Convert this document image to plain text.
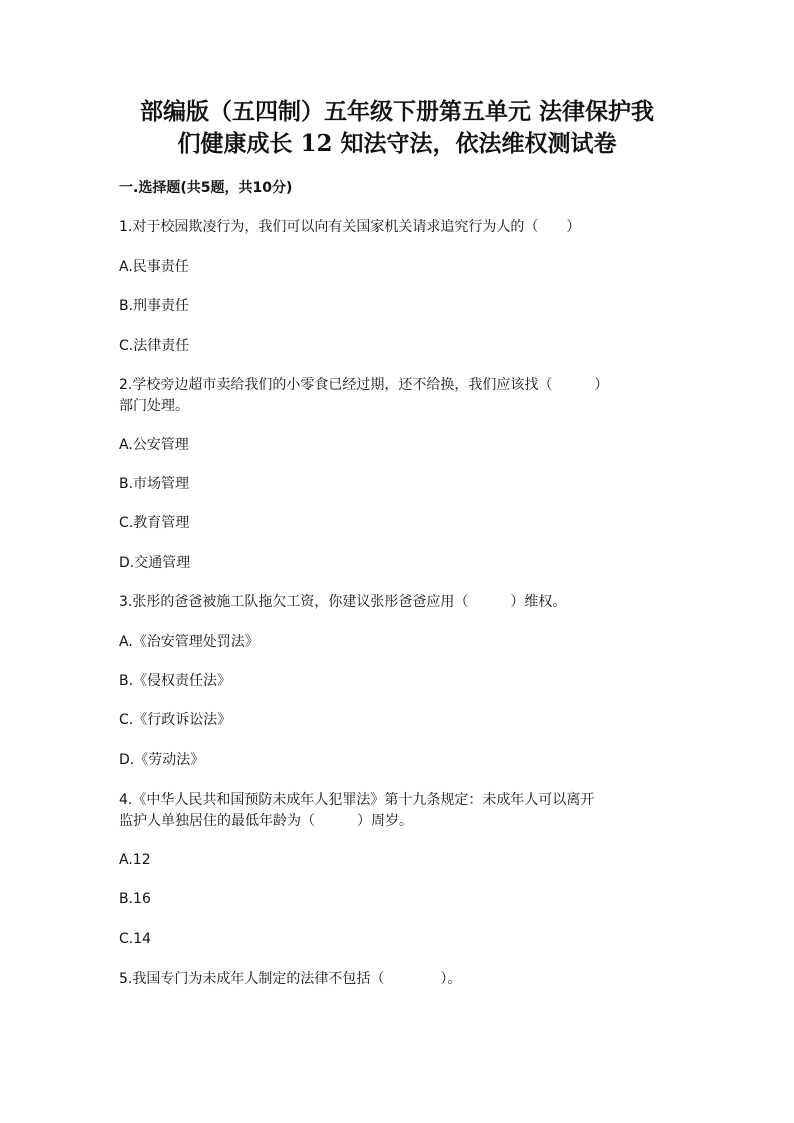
部编版（五四制）五年级下册第五单元 法律保护我
们健康成长 12 知法守法，依法维权测试卷
一.选择题(共5题，共10分)
1.对于校园欺凌行为，我们可以向有关国家机关请求追究行为人的（　　）
A.民事责任
B.刑事责任
C.法律责任
2.学校旁边超市卖给我们的小零食已经过期，还不给换，我们应该找（　　　）
部门处理。
A.公安管理
B.市场管理
C.教育管理
D.交通管理
3.张彤的爸爸被施工队拖欠工资，你建议张彤爸爸应用（　　　）维权。
A.《治安管理处罚法》
B.《侵权责任法》
C.《行政诉讼法》
D.《劳动法》
4.《中华人民共和国预防未成年人犯罪法》第十九条规定：未成年人可以离开
监护人单独居住的最低年龄为（　　　）周岁。
A.12
B.16
C.14
5.我国专门为未成年人制定的法律不包括（　　　　）。
